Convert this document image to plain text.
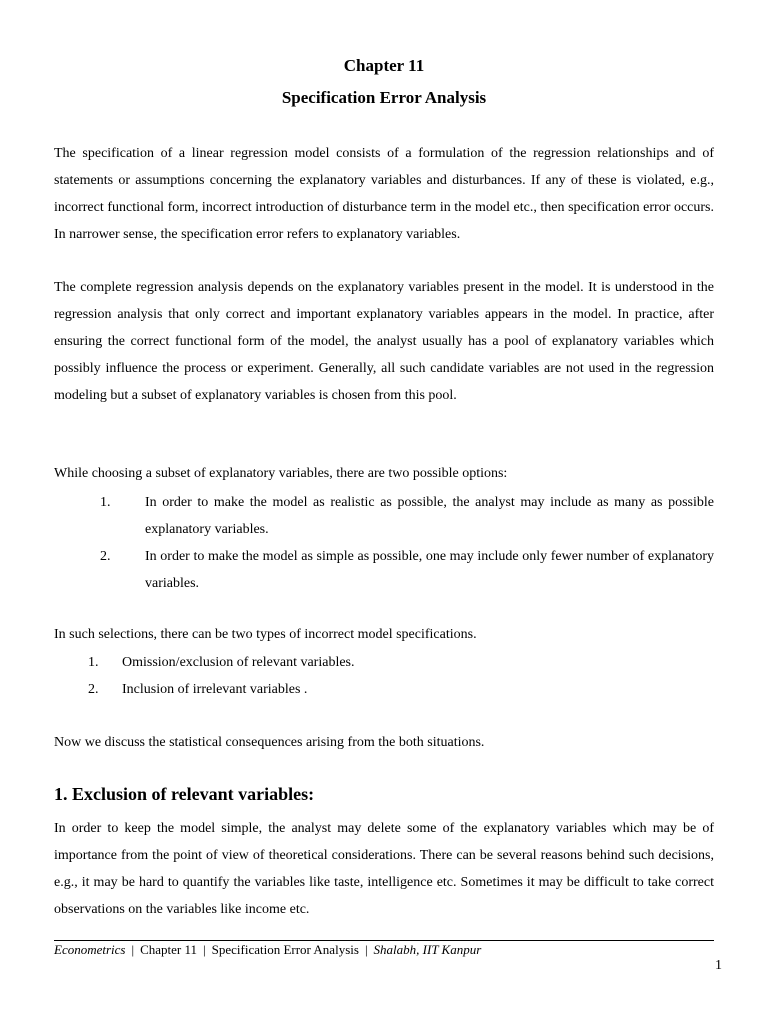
Chapter 11
Specification Error Analysis

The specification of a linear regression model consists of a formulation of the regression relationships and of statements or assumptions concerning the explanatory variables and disturbances. If any of these is violated, e.g., incorrect functional form, incorrect introduction of disturbance term in the model etc., then specification error occurs. In narrower sense, the specification error refers to explanatory variables.

The complete regression analysis depends on the explanatory variables present in the model. It is understood in the regression analysis that only correct and important explanatory variables appears in the model. In practice, after ensuring the correct functional form of the model, the analyst usually has a pool of explanatory variables which possibly influence the process or experiment. Generally, all such candidate variables are not used in the regression modeling but a subset of explanatory variables is chosen from this pool.

While choosing a subset of explanatory variables, there are two possible options:

1. In order to make the model as realistic as possible, the analyst may include as many as possible explanatory variables.
2. In order to make the model as simple as possible, one may include only fewer number of explanatory variables.

In such selections, there can be two types of incorrect model specifications.

1. Omission/exclusion of relevant variables.
2. Inclusion of irrelevant variables .

Now we discuss the statistical consequences arising from the both situations.

1. Exclusion of relevant variables:

In order to keep the model simple, the analyst may delete some of the explanatory variables which may be of importance from the point of view of theoretical considerations. There can be several reasons behind such decisions, e.g., it may be hard to quantify the variables like taste, intelligence etc. Sometimes it may be difficult to take correct observations on the variables like income etc.

Econometrics | Chapter 11 | Specification Error Analysis | Shalabh, IIT Kanpur
1
